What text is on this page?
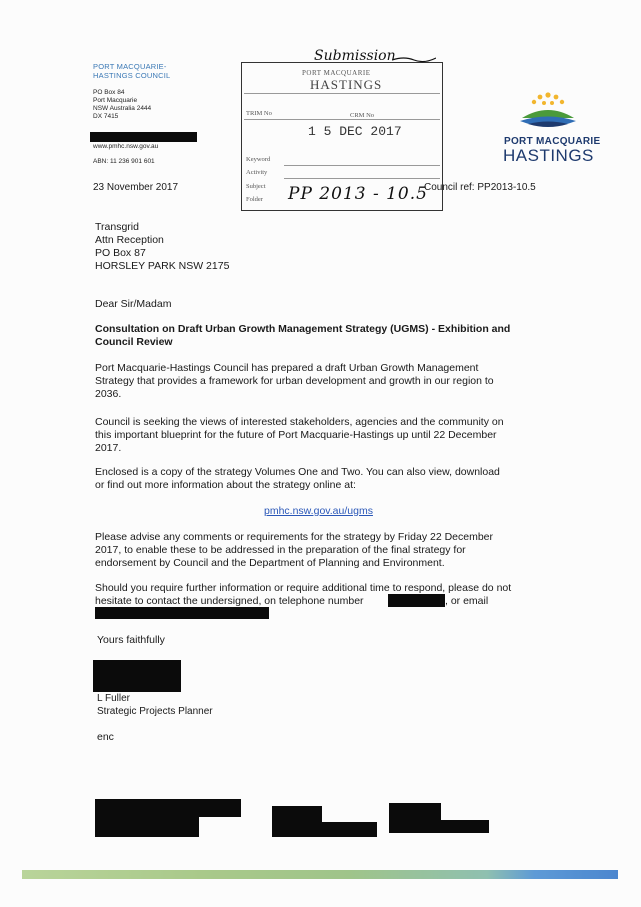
PORT MACQUARIE-
HASTINGS COUNCIL
PO Box 84
Port Macquarie
NSW Australia 2444
DX 7415
www.pmhc.nsw.gov.au
ABN: 11 236 901 601
PORT MACQUARIE
HASTINGS
TRIM No	CRM No
1 5 DEC 2017
Keyword
Activity
Subject
Folder
Submission
PP 2013 - 10.5
PORT MACQUARIE
HASTINGS
23 November 2017	Council ref: PP2013-10.5
Transgrid
Attn Reception
PO Box 87
HORSLEY PARK NSW 2175
Dear Sir/Madam
Consultation on Draft Urban Growth Management Strategy (UGMS) - Exhibition and
Council Review
Port Macquarie-Hastings Council has prepared a draft Urban Growth Management
Strategy that provides a framework for urban development and growth in our region to
2036.
Council is seeking the views of interested stakeholders, agencies and the community on
this important blueprint for the future of Port Macquarie-Hastings up until 22 December
2017.
Enclosed is a copy of the strategy Volumes One and Two. You can also view, download
or find out more information about the strategy online at:
pmhc.nsw.gov.au/ugms
Please advise any comments or requirements for the strategy by Friday 22 December
2017, to enable these to be addressed in the preparation of the final strategy for
endorsement by Council and the Department of Planning and Environment.
Should you require further information or require additional time to respond, please do not
hesitate to contact the undersigned, on telephone number	, or email
Yours faithfully
L Fuller
Strategic Projects Planner
enc
